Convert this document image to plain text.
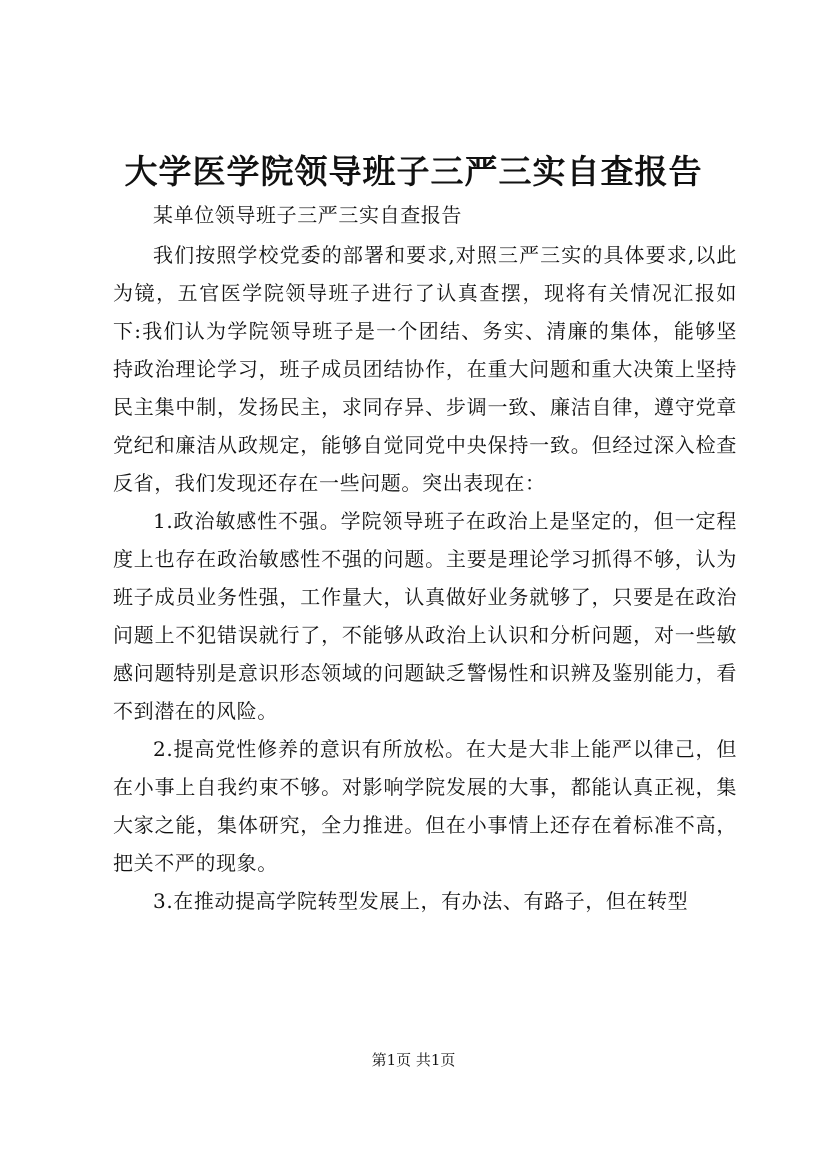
大学医学院领导班子三严三实自查报告

某单位领导班子三严三实自查报告

我们按照学校党委的部署和要求,对照三严三实的具体要求,以此为镜，五官医学院领导班子进行了认真查摆，现将有关情况汇报如下:我们认为学院领导班子是一个团结、务实、清廉的集体，能够坚持政治理论学习，班子成员团结协作，在重大问题和重大决策上坚持民主集中制，发扬民主，求同存异、步调一致、廉洁自律，遵守党章党纪和廉洁从政规定，能够自觉同党中央保持一致。但经过深入检查反省，我们发现还存在一些问题。突出表现在：

1.政治敏感性不强。学院领导班子在政治上是坚定的，但一定程度上也存在政治敏感性不强的问题。主要是理论学习抓得不够，认为班子成员业务性强，工作量大，认真做好业务就够了，只要是在政治问题上不犯错误就行了，不能够从政治上认识和分析问题，对一些敏感问题特别是意识形态领域的问题缺乏警惕性和识辨及鉴别能力，看不到潜在的风险。

2.提高党性修养的意识有所放松。在大是大非上能严以律己，但在小事上自我约束不够。对影响学院发展的大事，都能认真正视，集大家之能，集体研究，全力推进。但在小事情上还存在着标准不高，把关不严的现象。

3.在推动提高学院转型发展上，有办法、有路子，但在转型

第1页 共1页
